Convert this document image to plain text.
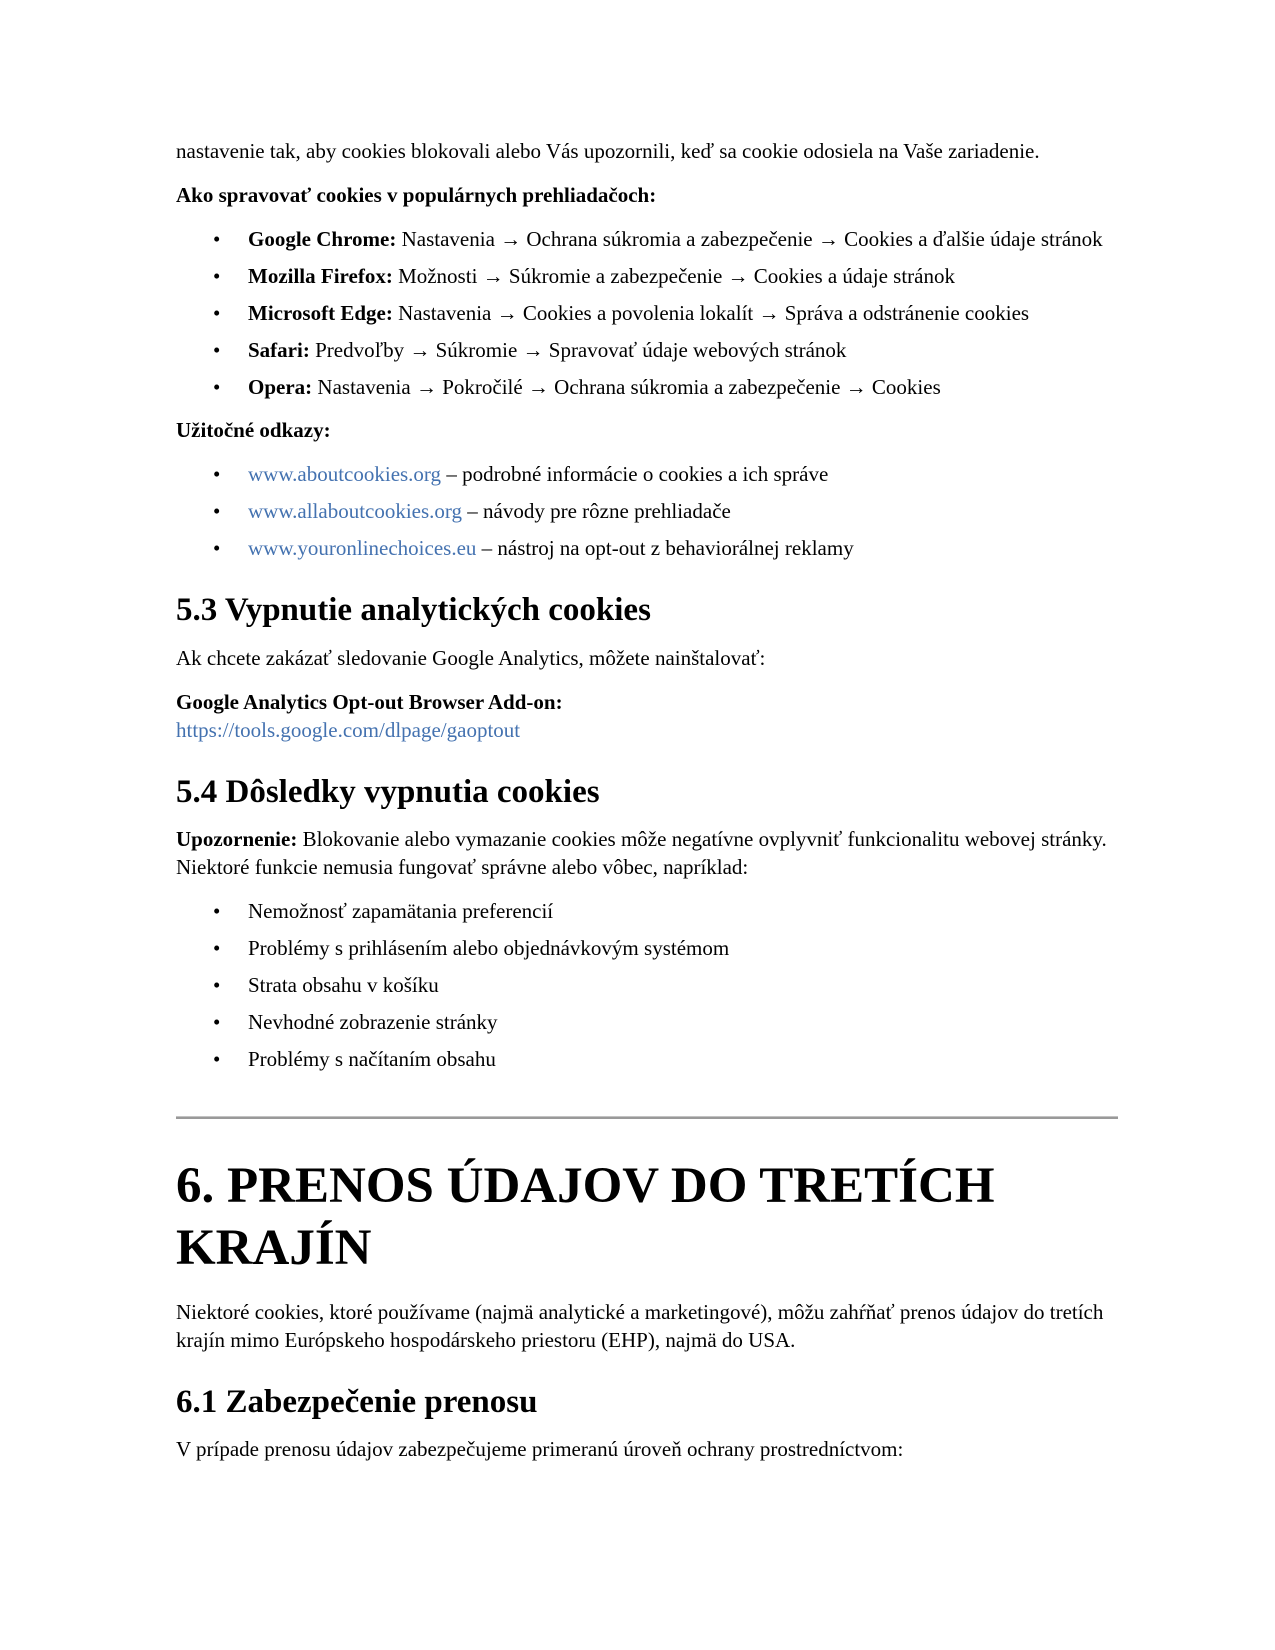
nastavenie tak, aby cookies blokovali alebo Vás upozornili, keď sa cookie odosiela na Vaše zariadenie.

Ako spravovať cookies v populárnych prehliadačoch:

• Google Chrome: Nastavenia → Ochrana súkromia a zabezpečenie → Cookies a ďalšie údaje stránok
• Mozilla Firefox: Možnosti → Súkromie a zabezpečenie → Cookies a údaje stránok
• Microsoft Edge: Nastavenia → Cookies a povolenia lokalít → Správa a odstránenie cookies
• Safari: Predvoľby → Súkromie → Spravovať údaje webových stránok
• Opera: Nastavenia → Pokročilé → Ochrana súkromia a zabezpečenie → Cookies

Užitočné odkazy:

• www.aboutcookies.org – podrobné informácie o cookies a ich správe
• www.allaboutcookies.org – návody pre rôzne prehliadače
• www.youronlinechoices.eu – nástroj na opt-out z behaviorálnej reklamy
5.3 Vypnutie analytických cookies

Ak chcete zakázať sledovanie Google Analytics, môžete nainštalovať:

Google Analytics Opt-out Browser Add-on:
https://tools.google.com/dlpage/gaoptout

5.4 Dôsledky vypnutia cookies

Upozornenie: Blokovanie alebo vymazanie cookies môže negatívne ovplyvniť funkcionalitu webovej stránky. Niektoré funkcie nemusia fungovať správne alebo vôbec, napríklad:

• Nemožnosť zapamätania preferencií
• Problémy s prihlásením alebo objednávkovým systémom
• Strata obsahu v košíku
• Nevhodné zobrazenie stránky
• Problémy s načítaním obsahu
6. PRENOS ÚDAJOV DO TRETÍCH KRAJÍN

Niektoré cookies, ktoré používame (najmä analytické a marketingové), môžu zahŕňať prenos údajov do tretích krajín mimo Európskeho hospodárskeho priestoru (EHP), najmä do USA.

6.1 Zabezpečenie prenosu

V prípade prenosu údajov zabezpečujeme primeranú úroveň ochrany prostredníctvom:
